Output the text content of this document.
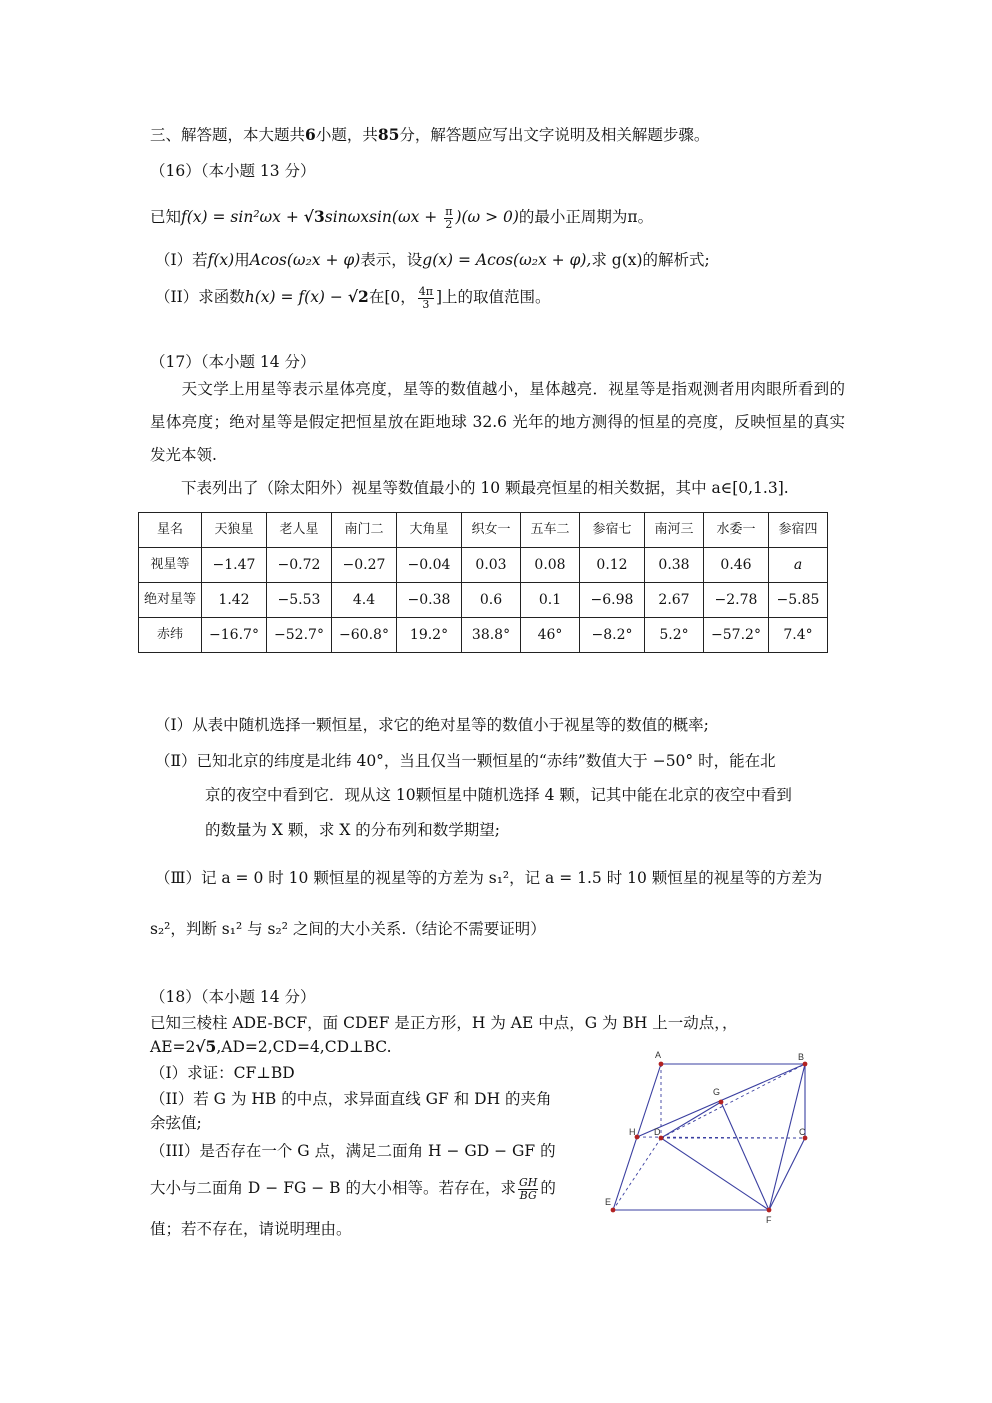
三、解答题，本大题共6小题，共85分，解答题应写出文字说明及相关解题步骤。
（16）（本小题 13 分）
已知$f(x) = \sin^2\omega x + √3\sin\omega xsin(\omega x + \frac{\pi}{2} )(\omega > 0)$的最小正周期为π。
（I）若f(x)用Acos(ω₂x + φ)表示，设g(x) = Acos(ω₂x + φ),求 g(x)的解析式;
（II）求函数h(x) = f(x) − √2在[0， $\frac{4\pi}{3}$ ]上的取值范围。
（17）（本小题 14 分）
　　天文学上用星等表示星体亮度，星等的数值越小，星体越亮．视星等是指观测者用肉眼所看到的星体亮度；绝对星等是假定把恒星放在距地球 32.6 光年的地方测得的恒星的亮度，反映恒星的真实发光本领.
　　下表列出了（除太阳外）视星等数值最小的 10 颗最亮恒星的相关数据，其中 a∈[0,1.3].
星名	天狼星	老人星	南门二	大角星	织女一	五车二	参宿七	南河三	水委一	参宿四
视星等	−1.47	−0.72	−0.27	−0.04	0.03	0.08	0.12	0.38	0.46	a
绝对星等	1.42	−5.53	4.4	−0.38	0.6	0.1	−6.98	2.67	−2.78	−5.85
赤纬	−16.7°	−52.7°	−60.8°	19.2°	38.8°	46°	−8.2°	5.2°	−57.2°	7.4°
（Ⅰ）从表中随机选择一颗恒星，求它的绝对星等的数值小于视星等的数值的概率;
（Ⅱ）已知北京的纬度是北纬 40°，当且仅当一颗恒星的“赤纬”数值大于 −50° 时，能在北
京的夜空中看到它．现从这 10颗恒星中随机选择 4 颗，记其中能在北京的夜空中看到
的数量为 X 颗，求 X 的分布列和数学期望;
（Ⅲ）记 a = 0 时 10 颗恒星的视星等的方差为 s₁²，记 a = 1.5 时 10 颗恒星的视星等的方差为
s₂²，判断 s₁² 与 s₂² 之间的大小关系.（结论不需要证明）
（18）（本小题 14 分）
已知三棱柱 ADE-BCF，面 CDEF 是正方形，H 为 AE 中点，G 为 BH 上一动点，，
AE=2√5,AD=2,CD=4,CD⊥BC.
（I）求证：CF⊥BD
（II）若 G 为 HB 的中点，求异面直线 GF 和 DH 的夹角
余弦值;
（III）是否存在一个 G 点，满足二面角 H − GD − GF 的
大小与二面角 D − FG − B 的大小相等。若存在，求 $\frac{GH}{BG}$ 的
值；若不存在，请说明理由。
A	B
G
H D	C
E
F
